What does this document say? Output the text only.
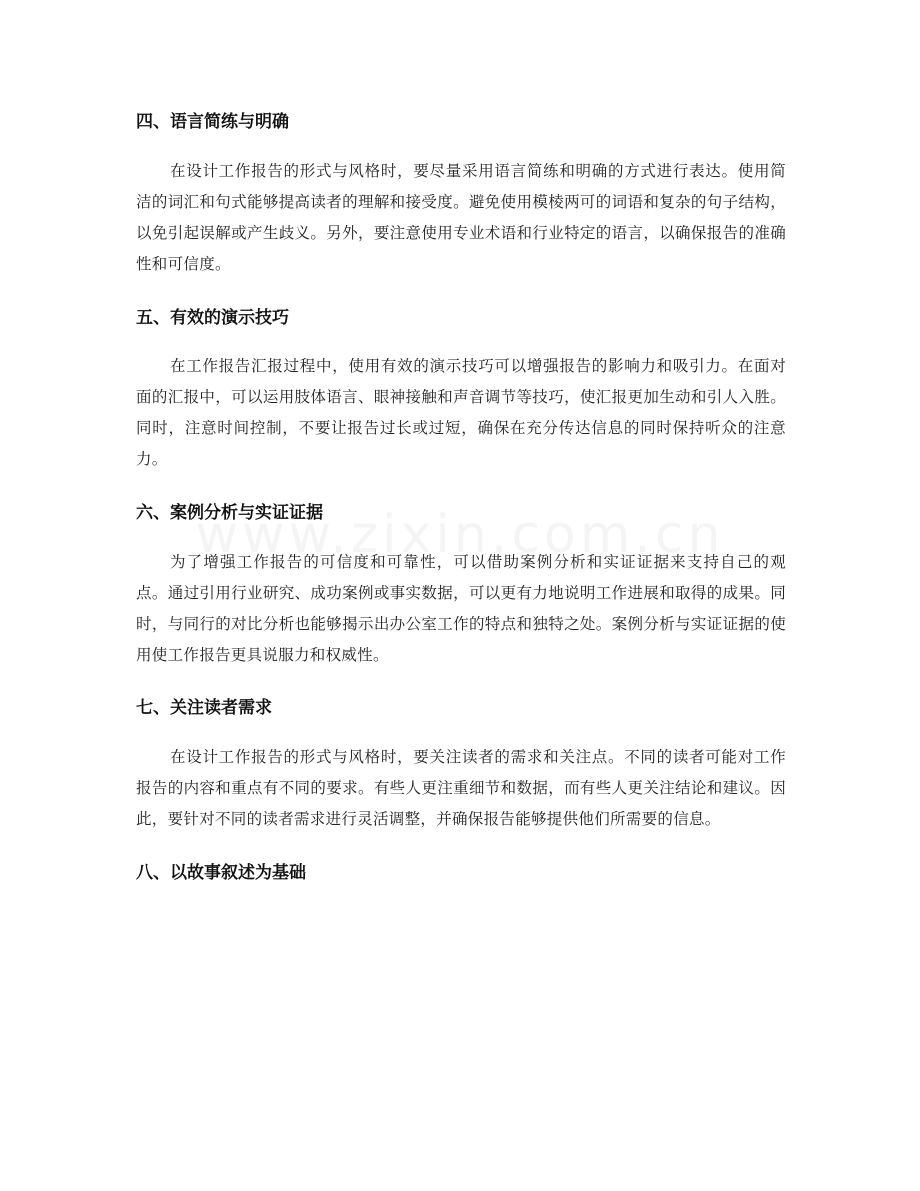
四、语言简练与明确

在设计工作报告的形式与风格时，要尽量采用语言简练和明确的方式进行表达。使用简洁的词汇和句式能够提高读者的理解和接受度。避免使用模棱两可的词语和复杂的句子结构，以免引起误解或产生歧义。另外，要注意使用专业术语和行业特定的语言，以确保报告的准确性和可信度。

五、有效的演示技巧

在工作报告汇报过程中，使用有效的演示技巧可以增强报告的影响力和吸引力。在面对面的汇报中，可以运用肢体语言、眼神接触和声音调节等技巧，使汇报更加生动和引人入胜。同时，注意时间控制，不要让报告过长或过短，确保在充分传达信息的同时保持听众的注意力。

六、案例分析与实证证据

为了增强工作报告的可信度和可靠性，可以借助案例分析和实证证据来支持自己的观点。通过引用行业研究、成功案例或事实数据，可以更有力地说明工作进展和取得的成果。同时，与同行的对比分析也能够揭示出办公室工作的特点和独特之处。案例分析与实证证据的使用使工作报告更具说服力和权威性。

七、关注读者需求

在设计工作报告的形式与风格时，要关注读者的需求和关注点。不同的读者可能对工作报告的内容和重点有不同的要求。有些人更注重细节和数据，而有些人更关注结论和建议。因此，要针对不同的读者需求进行灵活调整，并确保报告能够提供他们所需要的信息。

八、以故事叙述为基础
